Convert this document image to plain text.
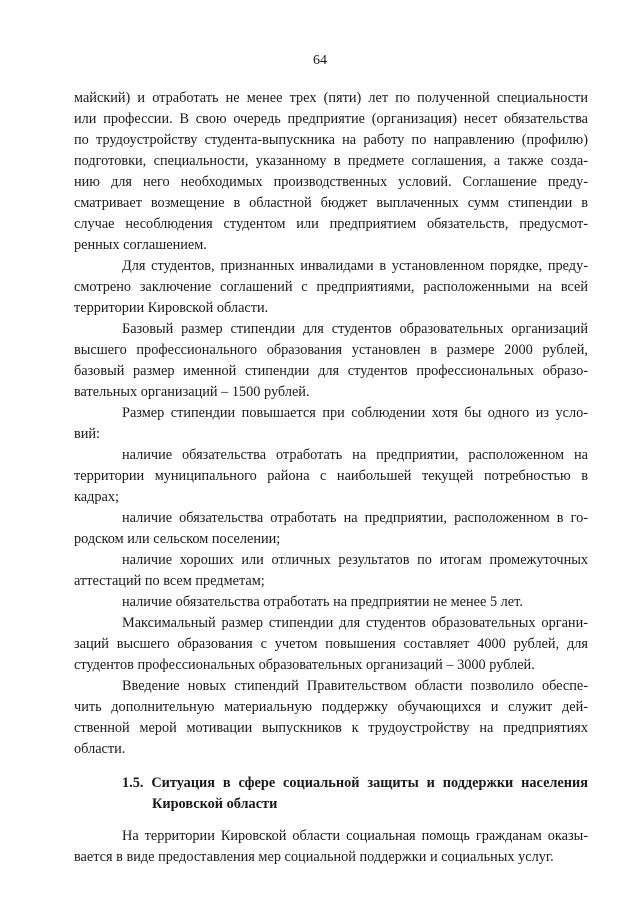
64
майский) и отработать не менее трех (пяти) лет по полученной специальности
или профессии. В свою очередь предприятие (организация) несет обязательства
по трудоустройству студента-выпускника на работу по направлению (профилю)
подготовки, специальности, указанному в предмете соглашения, а также созда-
нию для него необходимых производственных условий. Соглашение преду-
сматривает возмещение в областной бюджет выплаченных сумм стипендии в
случае несоблюдения студентом или предприятием обязательств, предусмот-
ренных соглашением.
Для студентов, признанных инвалидами в установленном порядке, преду-
смотрено заключение соглашений с предприятиями, расположенными на всей
территории Кировской области.
Базовый размер стипендии для студентов образовательных организаций
высшего профессионального образования установлен в размере 2000 рублей,
базовый размер именной стипендии для студентов профессиональных образо-
вательных организаций – 1500 рублей.
Размер стипендии повышается при соблюдении хотя бы одного из усло-
вий:
наличие обязательства отработать на предприятии, расположенном на
территории муниципального района с наибольшей текущей потребностью в
кадрах;
наличие обязательства отработать на предприятии, расположенном в го-
родском или сельском поселении;
наличие хороших или отличных результатов по итогам промежуточных
аттестаций по всем предметам;
наличие обязательства отработать на предприятии не менее 5 лет.
Максимальный размер стипендии для студентов образовательных органи-
заций высшего образования с учетом повышения составляет 4000 рублей, для
студентов профессиональных образовательных организаций – 3000 рублей.
Введение новых стипендий Правительством области позволило обеспе-
чить дополнительную материальную поддержку обучающихся и служит дей-
ственной мерой мотивации выпускников к трудоустройству на предприятиях
области.
1.5. Ситуация в сфере социальной защиты и поддержки населения
Кировской области
На территории Кировской области социальная помощь гражданам оказы-
вается в виде предоставления мер социальной поддержки и социальных услуг.
